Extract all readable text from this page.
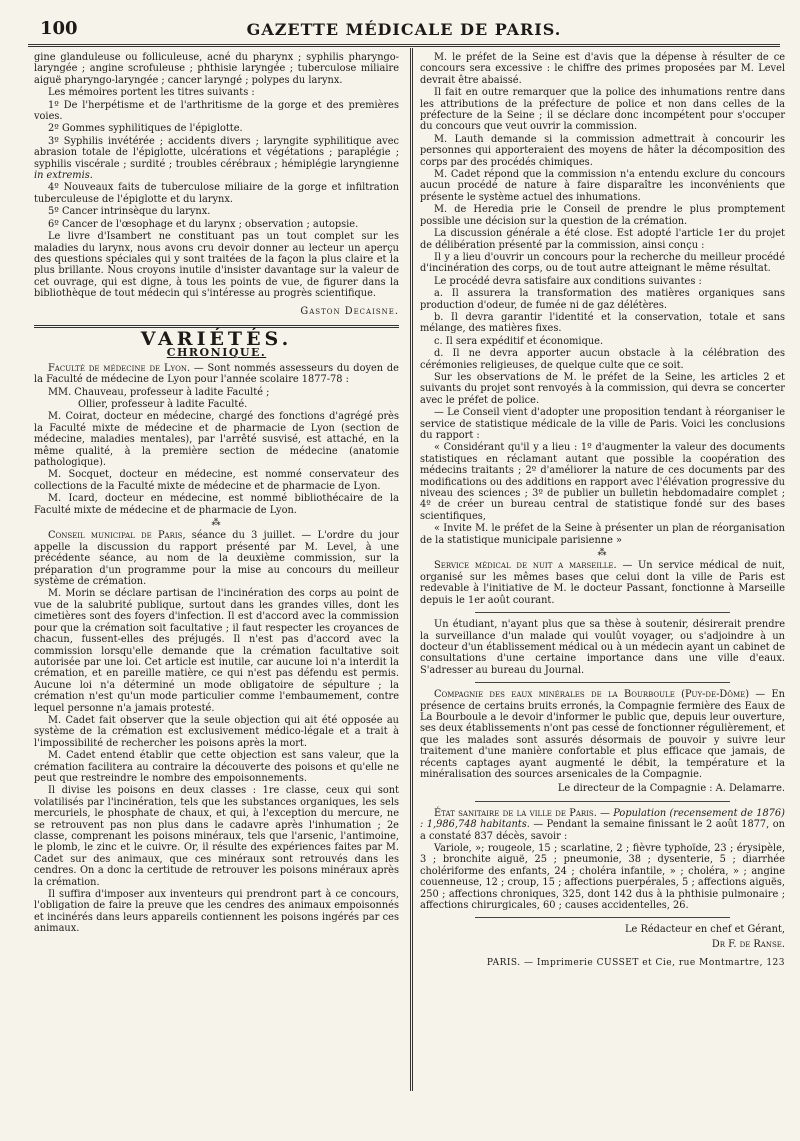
100	GAZETTE MÉDICALE DE PARIS.

gine glanduleuse ou folliculeuse, acné du pharynx ; syphilis pharyngo-laryngée ; angine scrofuleuse ; phthisie laryngée ; tuberculose miliaire aiguë pharyngo-laryngée ; cancer laryngé ; polypes du larynx.

Les mémoires portent les titres suivants :

1º De l'herpétisme et de l'arthritisme de la gorge et des premières voies.

2º Gommes syphilitiques de l'épiglotte.

3º Syphilis invétérée ; accidents divers ; laryngite syphilitique avec abrasion totale de l'épiglotte, ulcérations et végétations ; paraplégie ; syphilis viscérale ; surdité ; troubles cérébraux ; hémiplégie laryngienne in extremis.

4º Nouveaux faits de tuberculose miliaire de la gorge et infiltration tuberculeuse de l'épiglotte et du larynx.

5º Cancer intrinsèque du larynx.

6º Cancer de l'œsophage et du larynx ; observation ; autopsie.

Le livre d'Isambert ne constituant pas un tout complet sur les maladies du larynx, nous avons cru devoir donner au lecteur un aperçu des questions spéciales qui y sont traitées de la façon la plus claire et la plus brillante. Nous croyons inutile d'insister davantage sur la valeur de cet ouvrage, qui est digne, à tous les points de vue, de figurer dans la bibliothèque de tout médecin qui s'intéresse au progrès scientifique.

Gaston Decaisne.
VARIÉTÉS.
CHRONIQUE.

Faculté de médecine de Lyon. — Sont nommés assesseurs du doyen de la Faculté de médecine de Lyon pour l'année scolaire 1877-78 :

MM. Chauveau, professeur à ladite Faculté ;

Ollier, professeur à ladite Faculté.

M. Coirat, docteur en médecine, chargé des fonctions d'agrégé près la Faculté mixte de médecine et de pharmacie de Lyon (section de médecine, maladies mentales), par l'arrêté susvisé, est attaché, en la même qualité, à la première section de médecine (anatomie pathologique).

M. Socquet, docteur en médecine, est nommé conservateur des collections de la Faculté mixte de médecine et de pharmacie de Lyon.

M. Icard, docteur en médecine, est nommé bibliothécaire de la Faculté mixte de médecine et de pharmacie de Lyon.

⁂

Conseil municipal de Paris, séance du 3 juillet. — L'ordre du jour appelle la discussion du rapport présenté par M. Level, à une précédente séance, au nom de la deuxième commission, sur la préparation d'un programme pour la mise au concours du meilleur système de crémation.

M. Morin se déclare partisan de l'incinération des corps au point de vue de la salubrité publique, surtout dans les grandes villes, dont les cimetières sont des foyers d'infection. Il est d'accord avec la commission pour que la crémation soit facultative ; il faut respecter les croyances de chacun, fussent-elles des préjugés. Il n'est pas d'accord avec la commission lorsqu'elle demande que la crémation facultative soit autorisée par une loi. Cet article est inutile, car aucune loi n'a interdit la crémation, et en pareille matière, ce qui n'est pas défendu est permis. Aucune loi n'a déterminé un mode obligatoire de sépulture ; la crémation n'est qu'un mode particulier comme l'embaumement, contre lequel personne n'a jamais protesté.

M. Cadet fait observer que la seule objection qui ait été opposée au système de la crémation est exclusivement médico-légale et a trait à l'impossibilité de rechercher les poisons après la mort.

M. Cadet entend établir que cette objection est sans valeur, que la crémation facilitera au contraire la découverte des poisons et qu'elle ne peut que restreindre le nombre des empoisonnements.

Il divise les poisons en deux classes : 1re classe, ceux qui sont volatilisés par l'incinération, tels que les substances organiques, les sels mercuriels, le phosphate de chaux, et qui, à l'exception du mercure, ne se retrouvent pas non plus dans le cadavre après l'inhumation ; 2e classe, comprenant les poisons minéraux, tels que l'arsenic, l'antimoine, le plomb, le zinc et le cuivre. Or, il résulte des expériences faites par M. Cadet sur des animaux, que ces minéraux sont retrouvés dans les cendres. On a donc la certitude de retrouver les poisons minéraux après la crémation.

Il suffira d'imposer aux inventeurs qui prendront part à ce concours, l'obligation de faire la preuve que les cendres des animaux empoisonnés et incinérés dans leurs appareils contiennent les poisons ingérés par ces animaux.

M. le préfet de la Seine est d'avis que la dépense à résulter de ce concours sera excessive : le chiffre des primes proposées par M. Level devrait être abaissé.

Il fait en outre remarquer que la police des inhumations rentre dans les attributions de la préfecture de police et non dans celles de la préfecture de la Seine ; il se déclare donc incompétent pour s'occuper du concours que veut ouvrir la commission.

M. Lauth demande si la commission admettrait à concourir les personnes qui apporteraient des moyens de hâter la décomposition des corps par des procédés chimiques.

M. Cadet répond que la commission n'a entendu exclure du concours aucun procédé de nature à faire disparaître les inconvénients que présente le système actuel des inhumations.

M. de Heredia prie le Conseil de prendre le plus promptement possible une décision sur la question de la crémation.

La discussion générale a été close. Est adopté l'article 1er du projet de délibération présenté par la commission, ainsi conçu :

Il y a lieu d'ouvrir un concours pour la recherche du meilleur procédé d'incinération des corps, ou de tout autre atteignant le même résultat.

Le procédé devra satisfaire aux conditions suivantes :

a. Il assurera la transformation des matières organiques sans production d'odeur, de fumée ni de gaz délétères.

b. Il devra garantir l'identité et la conservation, totale et sans mélange, des matières fixes.

c. Il sera expéditif et économique.

d. Il ne devra apporter aucun obstacle à la célébration des cérémonies religieuses, de quelque culte que ce soit.

Sur les observations de M. le préfet de la Seine, les articles 2 et suivants du projet sont renvoyés à la commission, qui devra se concerter avec le préfet de police.

— Le Conseil vient d'adopter une proposition tendant à réorganiser le service de statistique médicale de la ville de Paris. Voici les conclusions du rapport :

« Considérant qu'il y a lieu : 1º d'augmenter la valeur des documents statistiques en réclamant autant que possible la coopération des médecins traitants ; 2º d'améliorer la nature de ces documents par des modifications ou des additions en rapport avec l'élévation progressive du niveau des sciences ; 3º de publier un bulletin hebdomadaire complet ; 4º de créer un bureau central de statistique fondé sur des bases scientifiques,

« Invite M. le préfet de la Seine à présenter un plan de réorganisation de la statistique municipale parisienne »

⁂

Service médical de nuit a marseille. — Un service médical de nuit, organisé sur les mêmes bases que celui dont la ville de Paris est redevable à l'initiative de M. le docteur Passant, fonctionne à Marseille depuis le 1er août courant.

Un étudiant, n'ayant plus que sa thèse à soutenir, désirerait prendre la surveillance d'un malade qui voulût voyager, ou s'adjoindre à un docteur d'un établissement médical ou à un médecin ayant un cabinet de consultations d'une certaine importance dans une ville d'eaux. S'adresser au bureau du Journal.

Compagnie des eaux minérales de la Bourboule (Puy-de-Dôme) — En présence de certains bruits erronés, la Compagnie fermière des Eaux de La Bourboule a le devoir d'informer le public que, depuis leur ouverture, ses deux établissements n'ont pas cessé de fonctionner régulièrement, et que les malades sont assurés désormais de pouvoir y suivre leur traitement d'une manière confortable et plus efficace que jamais, de récents captages ayant augmenté le débit, la température et la minéralisation des sources arsenicales de la Compagnie.

Le directeur de la Compagnie : A. Delamarre.

État sanitaire de la ville de Paris. — Population (recensement de 1876) : 1,986,748 habitants. — Pendant la semaine finissant le 2 août 1877, on a constaté 837 décès, savoir :

Variole, »; rougeole, 15 ; scarlatine, 2 ; fièvre typhoïde, 23 ; érysipèle, 3 ; bronchite aiguë, 25 ; pneumonie, 38 ; dysenterie, 5 ; diarrhée cholériforme des enfants, 24 ; choléra infantile, » ; choléra, » ; angine couenneuse, 12 ; croup, 15 ; affections puerpérales, 5 ; affections aiguës, 250 ; affections chroniques, 325, dont 142 dus à la phthisie pulmonaire ; affections chirurgicales, 60 ; causes accidentelles, 26.

Le Rédacteur en chef et Gérant,

Dr F. de Ranse.

PARIS. — Imprimerie CUSSET et Cie, rue Montmartre, 123
